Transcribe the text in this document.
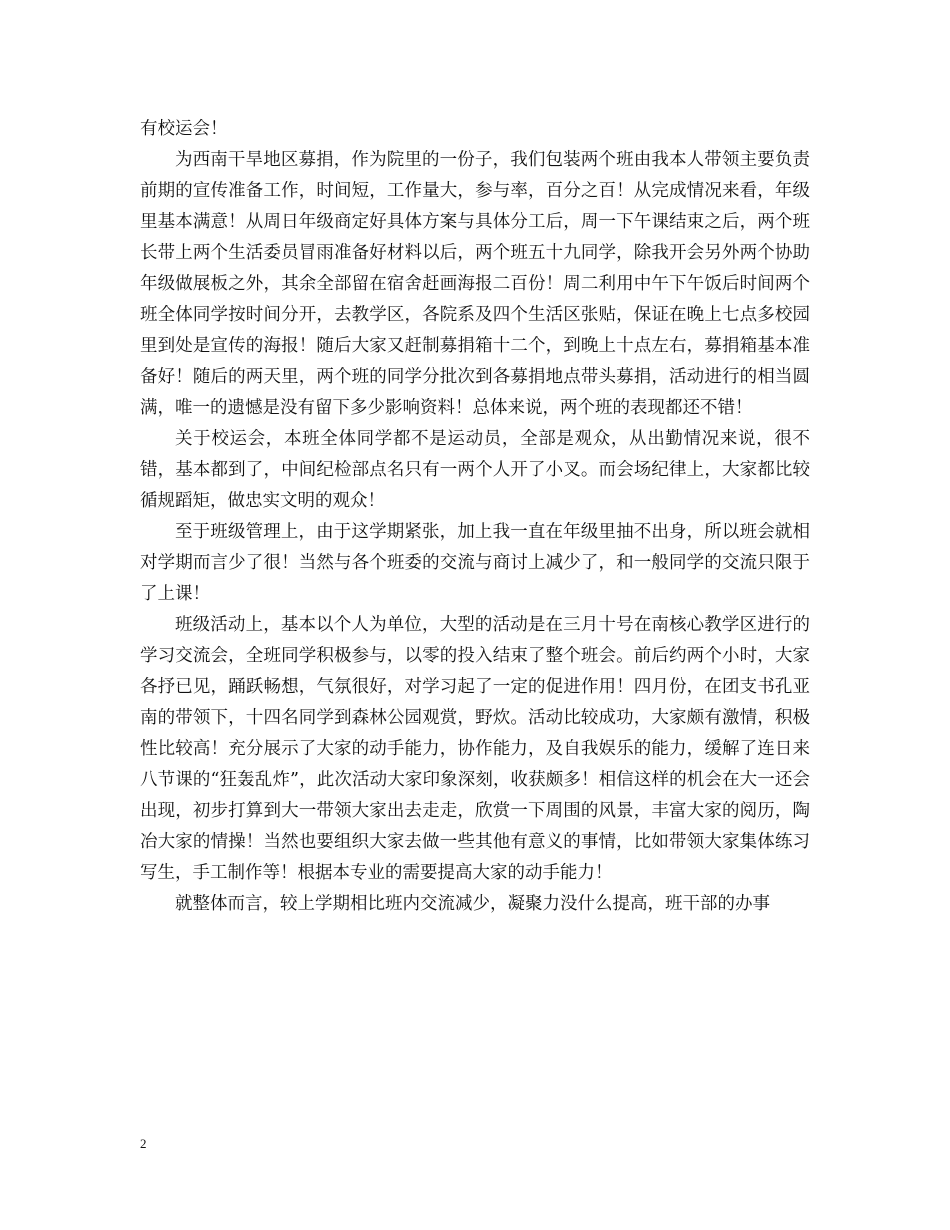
有校运会！

为西南干旱地区募捐，作为院里的一份子，我们包装两个班由我本人带领主要负责前期的宣传准备工作，时间短，工作量大，参与率，百分之百！从完成情况来看，年级里基本满意！从周日年级商定好具体方案与具体分工后，周一下午课结束之后，两个班长带上两个生活委员冒雨准备好材料以后，两个班五十九同学，除我开会另外两个协助年级做展板之外，其余全部留在宿舍赶画海报二百份！周二利用中午下午饭后时间两个班全体同学按时间分开，去教学区，各院系及四个生活区张贴，保证在晚上七点多校园里到处是宣传的海报！随后大家又赶制募捐箱十二个，到晚上十点左右，募捐箱基本准备好！随后的两天里，两个班的同学分批次到各募捐地点带头募捐，活动进行的相当圆满，唯一的遗憾是没有留下多少影响资料！总体来说，两个班的表现都还不错！

关于校运会，本班全体同学都不是运动员，全部是观众，从出勤情况来说，很不错，基本都到了，中间纪检部点名只有一两个人开了小叉。而会场纪律上，大家都比较循规蹈矩，做忠实文明的观众！

至于班级管理上，由于这学期紧张，加上我一直在年级里抽不出身，所以班会就相对学期而言少了很！当然与各个班委的交流与商讨上减少了，和一般同学的交流只限于了上课！

班级活动上，基本以个人为单位，大型的活动是在三月十号在南核心教学区进行的学习交流会，全班同学积极参与，以零的投入结束了整个班会。前后约两个小时，大家各抒已见，踊跃畅想，气氛很好，对学习起了一定的促进作用！四月份，在团支书孔亚南的带领下，十四名同学到森林公园观赏，野炊。活动比较成功，大家颇有激情，积极性比较高！充分展示了大家的动手能力，协作能力，及自我娱乐的能力，缓解了连日来八节课的“狂轰乱炸”，此次活动大家印象深刻，收获颇多！相信这样的机会在大一还会出现，初步打算到大一带领大家出去走走，欣赏一下周围的风景，丰富大家的阅历，陶冶大家的情操！当然也要组织大家去做一些其他有意义的事情，比如带领大家集体练习写生，手工制作等！根据本专业的需要提高大家的动手能力！

就整体而言，较上学期相比班内交流减少，凝聚力没什么提高，班干部的办事

2
